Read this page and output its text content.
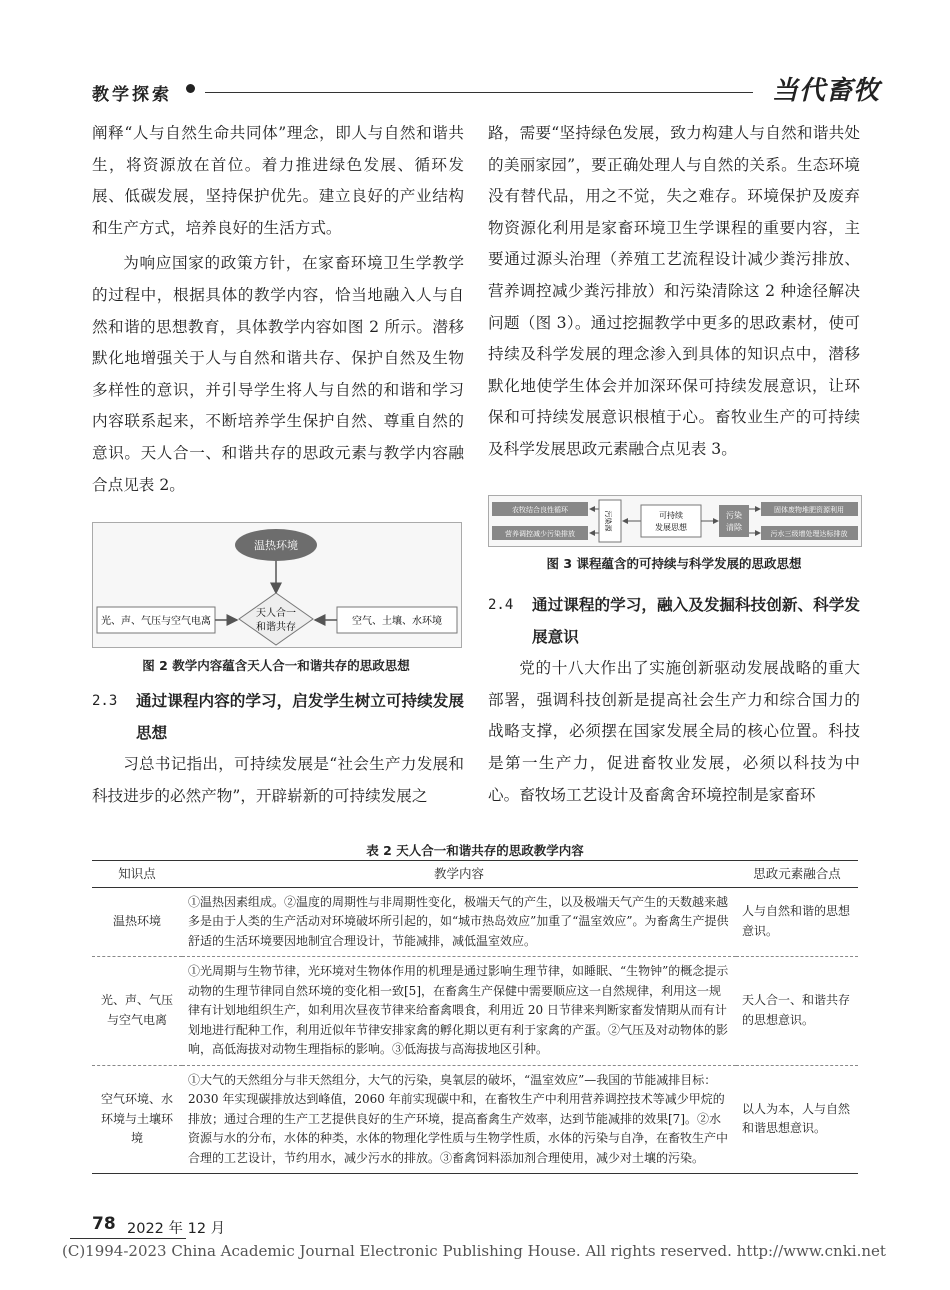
教学探索	当代畜牧

阐释“人与自然生命共同体”理念，即人与自然和谐共生，将资源放在首位。着力推进绿色发展、循环发展、低碳发展，坚持保护优先。建立良好的产业结构和生产方式，培养良好的生活方式。

为响应国家的政策方针，在家畜环境卫生学教学的过程中，根据具体的教学内容，恰当地融入人与自然和谐的思想教育，具体教学内容如图 2 所示。潜移默化地增强关于人与自然和谐共存、保护自然及生物多样性的意识，并引导学生将人与自然的和谐和学习内容联系起来，不断培养学生保护自然、尊重自然的意识。天人合一、和谐共存的思政元素与教学内容融合点见表 2。

温热环境
天人合一
和谐共存
光、声、气压与空气电离	空气、土壤、水环境
图 2 教学内容蕴含天人合一和谐共存的思政思想
2.3	通过课程内容的学习，启发学生树立可持续发展思想

习总书记指出，可持续发展是“社会生产力发展和科技进步的必然产物”，开辟崭新的可持续发展之

路，需要“坚持绿色发展，致力构建人与自然和谐共处的美丽家园”，要正确处理人与自然的关系。生态环境没有替代品，用之不觉，失之难存。环境保护及废弃物资源化利用是家畜环境卫生学课程的重要内容，主要通过源头治理（养殖工艺流程设计减少粪污排放、营养调控减少粪污排放）和污染清除这 2 种途径解决问题（图 3）。通过挖掘教学中更多的思政素材，使可持续及科学发展的理念渗入到具体的知识点中，潜移默化地使学生体会并加深环保可持续发展意识，让环保和可持续发展意识根植于心。畜牧业生产的可持续及科学发展思政元素融合点见表 3。

农牧结合良性循环
营养调控减少污染排放
污染源	可持续
发展思想
污染
清除
固体废物堆肥资源利用
污水三级增处理达标排放
图 3 课程蕴含的可持续与科学发展的思政思想
2.4	通过课程的学习，融入及发掘科技创新、科学发展意识

党的十八大作出了实施创新驱动发展战略的重大部署，强调科技创新是提高社会生产力和综合国力的战略支撑，必须摆在国家发展全局的核心位置。科技是第一生产力，促进畜牧业发展，必须以科技为中心。畜牧场工艺设计及畜禽舍环境控制是家畜环

表 2 天人合一和谐共存的思政教学内容
知识点	教学内容	思政元素融合点
温热环境	①温热因素组成。②温度的周期性与非周期性变化，极端天气的产生，以及极端天气产生的天数越来越多是由于人类的生产活动对环境破坏所引起的，如“城市热岛效应”加重了“温室效应”。为畜禽生产提供舒适的生活环境要因地制宜合理设计，节能减排，减低温室效应。	人与自然和谐的思想意识。
光、声、气压与空气电离	①光周期与生物节律，光环境对生物体作用的机理是通过影响生理节律，如睡眠、“生物钟”的概念提示动物的生理节律同自然环境的变化相一致[5]，在畜禽生产保健中需要顺应这一自然规律，利用这一规律有计划地组织生产，如利用次昼夜节律来给畜禽喂食，利用近 20 日节律来判断家畜发情期从而有计划地进行配种工作，利用近似年节律安排家禽的孵化期以更有利于家禽的产蛋。②气压及对动物体的影响，高低海拔对动物生理指标的影响。③低海拔与高海拔地区引种。	天人合一、和谐共存的思想意识。
空气环境、水环境与土壤环境	①大气的天然组分与非天然组分，大气的污染，臭氧层的破坏，“温室效应”—我国的节能减排目标：2030 年实现碳排放达到峰值，2060 年前实现碳中和，在畜牧生产中利用营养调控技术等减少甲烷的排放；通过合理的生产工艺提供良好的生产环境，提高畜禽生产效率，达到节能减排的效果[7]。②水资源与水的分布，水体的种类，水体的物理化学性质与生物学性质，水体的污染与自净，在畜牧生产中合理的工艺设计，节约用水，减少污水的排放。③畜禽饲料添加剂合理使用，减少对土壤的污染。	以人为本，人与自然和谐思想意识。
78 2022 年 12 月
(C)1994-2023 China Academic Journal Electronic Publishing House. All rights reserved. http://www.cnki.net
